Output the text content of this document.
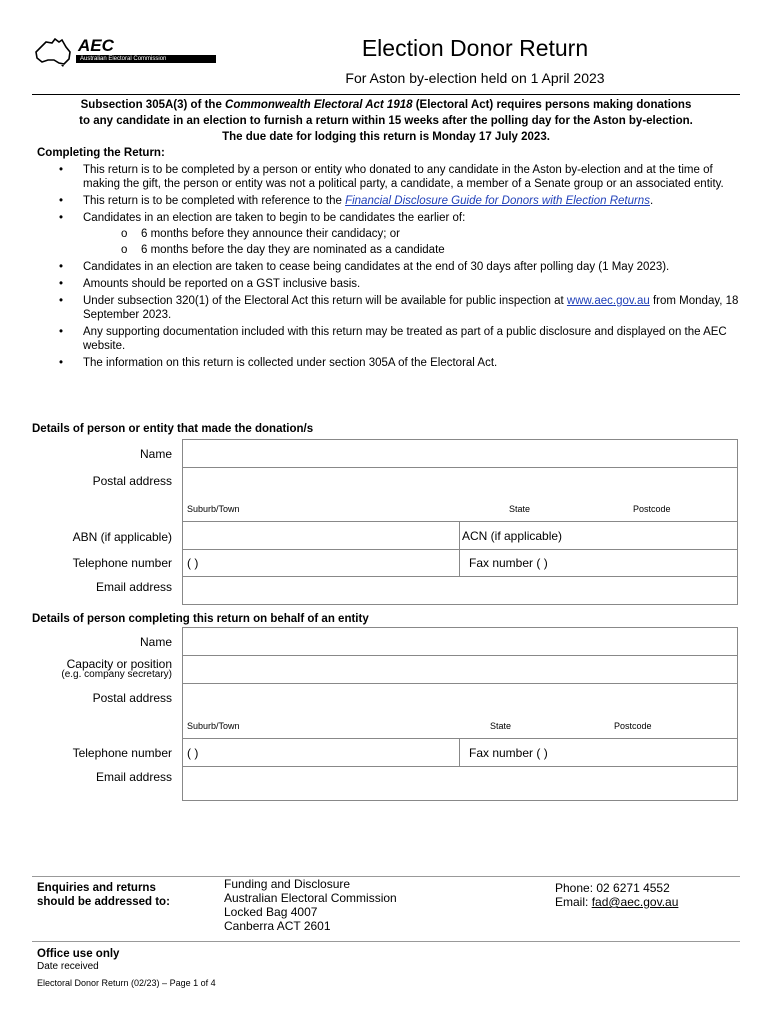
AEC
Australian Electoral Commission	Election Donor Return
For Aston by-election held on 1 April 2023
Subsection 305A(3) of the Commonwealth Electoral Act 1918 (Electoral Act) requires persons making donations
to any candidate in an election to furnish a return within 15 weeks after the polling day for the Aston by-election.
The due date for lodging this return is Monday 17 July 2023.
Completing the Return:
• This return is to be completed by a person or entity who donated to any candidate in the Aston by-election and at the time of making the gift, the person or entity was not a political party, a candidate, a member of a Senate group or an associated entity.
• This return is to be completed with reference to the Financial Disclosure Guide for Donors with Election Returns.
• Candidates in an election are taken to begin to be candidates the earlier of:
o 6 months before they announce their candidacy; or
o 6 months before the day they are nominated as a candidate
• Candidates in an election are taken to cease being candidates at the end of 30 days after polling day (1 May 2023).
• Amounts should be reported on a GST inclusive basis.
• Under subsection 320(1) of the Electoral Act this return will be available for public inspection at www.aec.gov.au from Monday, 18 September 2023.
• Any supporting documentation included with this return may be treated as part of a public disclosure and displayed on the AEC website.
• The information on this return is collected under section 305A of the Electoral Act.
Details of person or entity that made the donation/s
Name
Postal address
Suburb/Town	State	Postcode
ABN (if applicable)	ACN (if applicable)
Telephone number ( )	Fax number ( )
Email address
Details of person completing this return on behalf of an entity
Name
Capacity or position
(e.g. company secretary)
Postal address
Suburb/Town	State	Postcode
Telephone number ( )	Fax number ( )
Email address
Enquiries and returns
should be addressed to:
Funding and Disclosure
Australian Electoral Commission
Locked Bag 4007
Canberra ACT 2601
Phone: 02 6271 4552
Email: fad@aec.gov.au
Office use only
Date received
Electoral Donor Return (02/23) – Page 1 of 4
